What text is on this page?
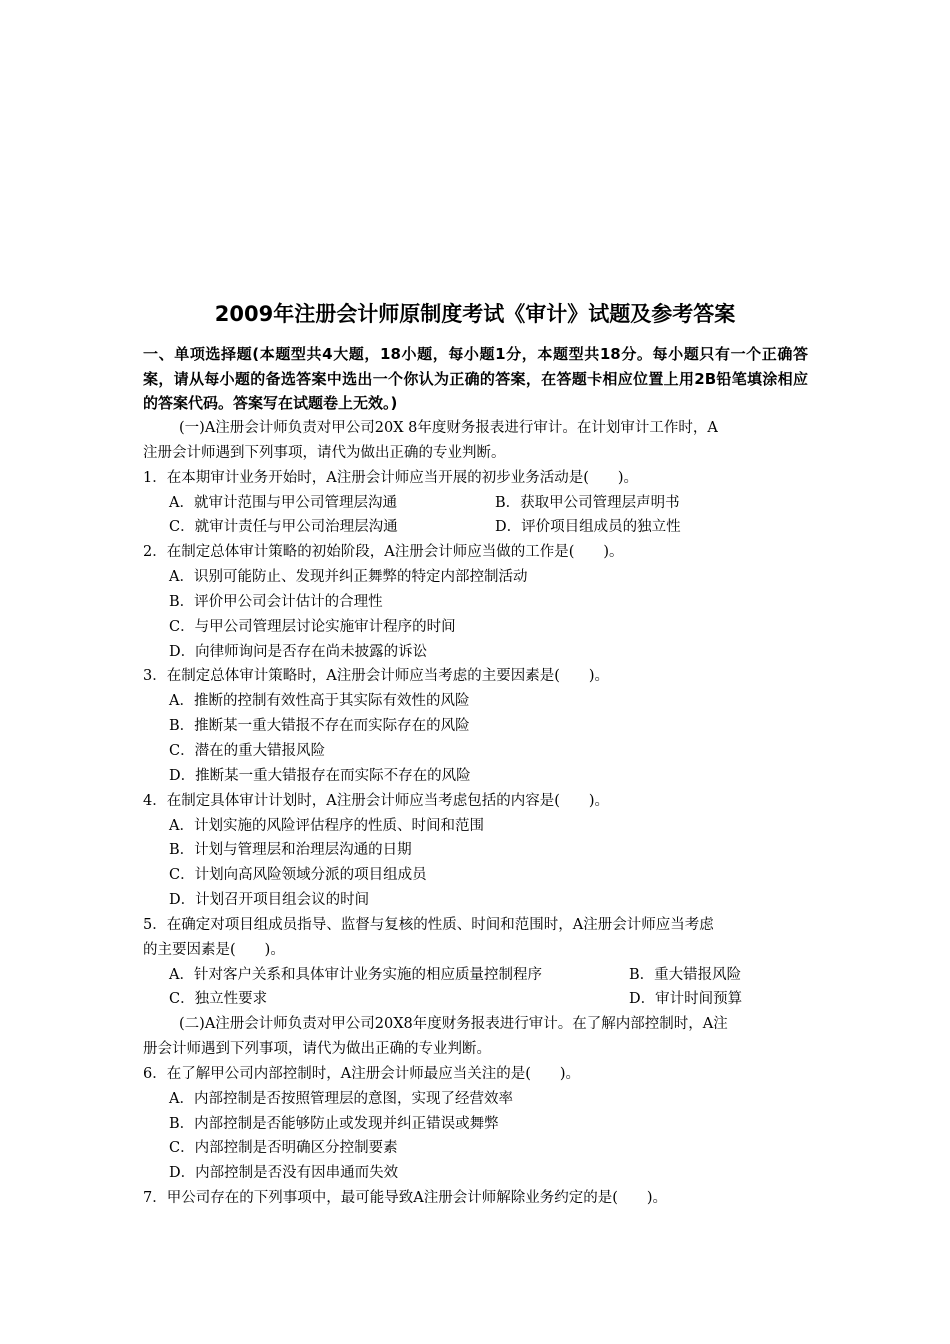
2009年注册会计师原制度考试《审计》试题及参考答案
一、单项选择题(本题型共4大题，18小题，每小题1分，本题型共18分。每小题只有一个正确答案，请从每小题的备选答案中选出一个你认为正确的答案，在答题卡相应位置上用2B铅笔填涂相应的答案代码。答案写在试题卷上无效。)
(一)A注册会计师负责对甲公司20X 8年度财务报表进行审计。在计划审计工作时，A
注册会计师遇到下列事项，请代为做出正确的专业判断。
1．在本期审计业务开始时，A注册会计师应当开展的初步业务活动是(　　)。
A．就审计范围与甲公司管理层沟通	B．获取甲公司管理层声明书
C．就审计责任与甲公司治理层沟通	D．评价项目组成员的独立性
2．在制定总体审计策略的初始阶段，A注册会计师应当做的工作是(　　)。
A．识别可能防止、发现并纠正舞弊的特定内部控制活动
B．评价甲公司会计估计的合理性
C．与甲公司管理层讨论实施审计程序的时间
D．向律师询问是否存在尚未披露的诉讼
3．在制定总体审计策略时，A注册会计师应当考虑的主要因素是(　　)。
A．推断的控制有效性高于其实际有效性的风险
B．推断某一重大错报不存在而实际存在的风险
C．潜在的重大错报风险
D．推断某一重大错报存在而实际不存在的风险
4．在制定具体审计计划时，A注册会计师应当考虑包括的内容是(　　)。
A．计划实施的风险评估程序的性质、时间和范围
B．计划与管理层和治理层沟通的日期
C．计划向高风险领域分派的项目组成员
D．计划召开项目组会议的时间
5．在确定对项目组成员指导、监督与复核的性质、时间和范围时，A注册会计师应当考虑
的主要因素是(　　)。
A．针对客户关系和具体审计业务实施的相应质量控制程序	B．重大错报风险
C．独立性要求	D．审计时间预算
(二)A注册会计师负责对甲公司20X8年度财务报表进行审计。在了解内部控制时，A注
册会计师遇到下列事项，请代为做出正确的专业判断。
6．在了解甲公司内部控制时，A注册会计师最应当关注的是(　　)。
A．内部控制是否按照管理层的意图，实现了经营效率
B．内部控制是否能够防止或发现并纠正错误或舞弊
C．内部控制是否明确区分控制要素
D．内部控制是否没有因串通而失效
7．甲公司存在的下列事项中，最可能导致A注册会计师解除业务约定的是(　　)。
